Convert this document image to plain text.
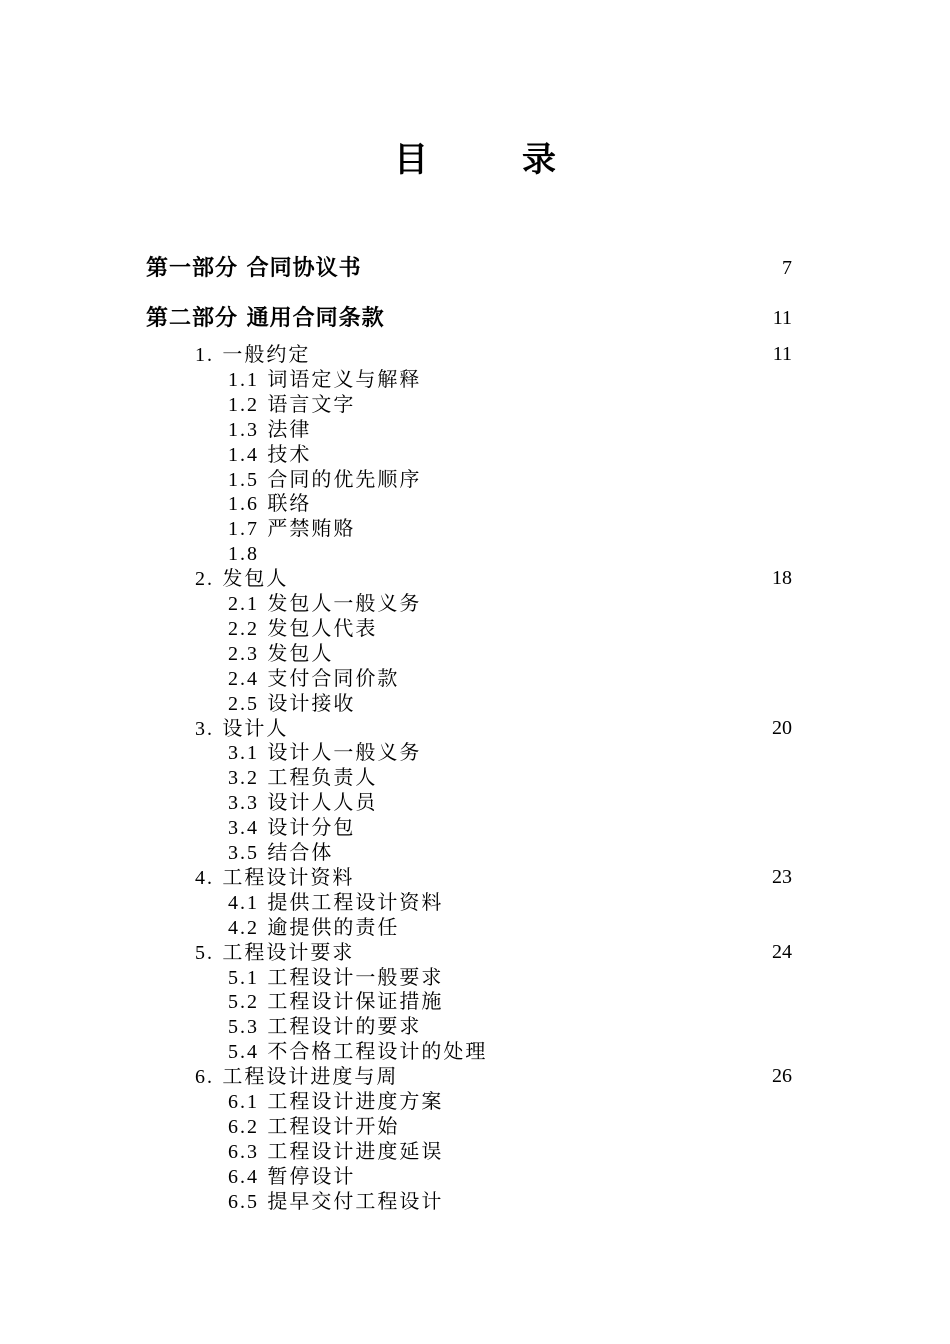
目　录
第一部分 合同协议书	7
第二部分 通用合同条款	11
1. 一般约定	11
1.1 词语定义与解释
1.2 语言文字
1.3 法律
1.4 技术
1.5 合同的优先顺序
1.6 联络
1.7 严禁贿赂
1.8
2. 发包人	18
2.1 发包人一般义务
2.2 发包人代表
2.3 发包人
2.4 支付合同价款
2.5 设计接收
3. 设计人	20
3.1 设计人一般义务
3.2 工程负责人
3.3 设计人人员
3.4 设计分包
3.5 结合体
4. 工程设计资料	23
4.1 提供工程设计资料
4.2 逾提供的责任
5. 工程设计要求	24
5.1 工程设计一般要求
5.2 工程设计保证措施
5.3 工程设计的要求
5.4 不合格工程设计的处理
6. 工程设计进度与周	26
6.1 工程设计进度方案
6.2 工程设计开始
6.3 工程设计进度延误
6.4 暂停设计
6.5 提早交付工程设计
